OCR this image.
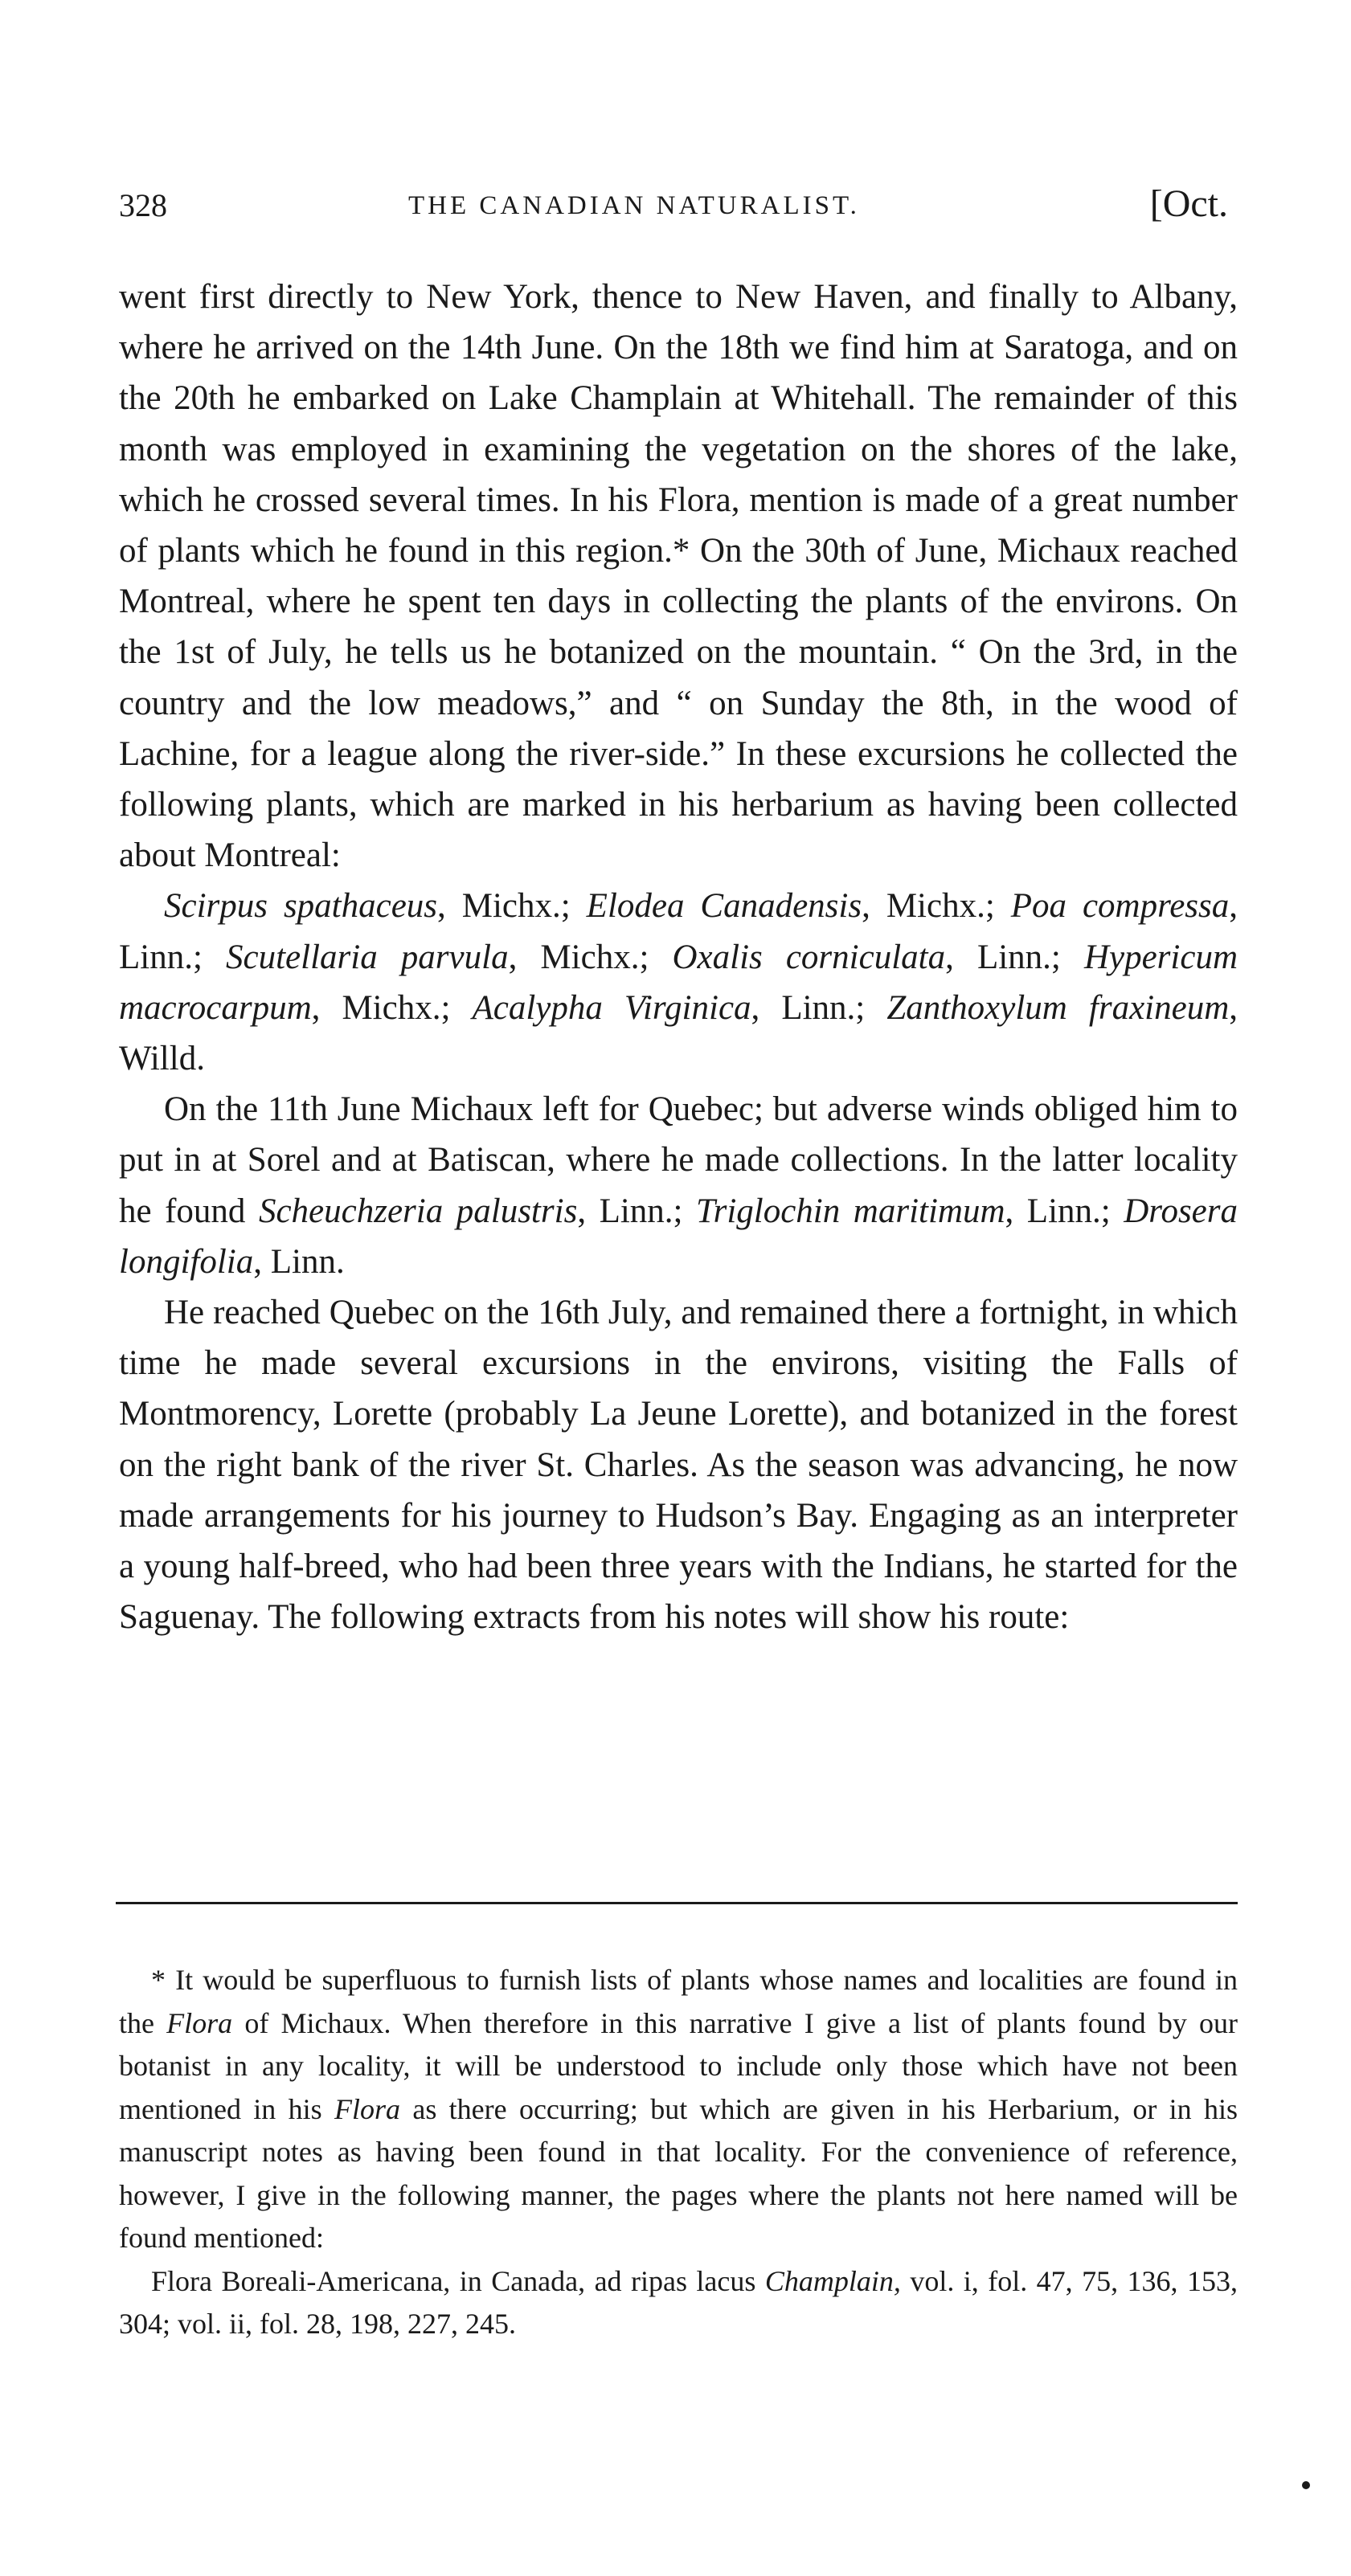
328	THE CANADIAN NATURALIST.	[Oct.

went first directly to New York, thence to New Haven, and finally to Albany, where he arrived on the 14th June. On the 18th we find him at Saratoga, and on the 20th he embarked on Lake Champlain at Whitehall. The remainder of this month was employed in examining the vegetation on the shores of the lake, which he crossed several times. In his Flora, mention is made of a great number of plants which he found in this region.* On the 30th of June, Michaux reached Montreal, where he spent ten days in collecting the plants of the environs. On the 1st of July, he tells us he botanized on the mountain. “ On the 3rd, in the country and the low meadows,” and “ on Sunday the 8th, in the wood of Lachine, for a league along the river-side.” In these excursions he collected the following plants, which are marked in his herbarium as having been collected about Montreal:

Scirpus spathaceus, Michx.; Elodea Canadensis, Michx.; Poa compressa, Linn.; Scutellaria parvula, Michx.; Oxalis corniculata, Linn.; Hypericum macrocarpum, Michx.; Acalypha Virginica, Linn.; Zanthoxylum fraxineum, Willd.

On the 11th June Michaux left for Quebec; but adverse winds obliged him to put in at Sorel and at Batiscan, where he made collections. In the latter locality he found Scheuchzeria palustris, Linn.; Triglochin maritimum, Linn.; Drosera longifolia, Linn.

He reached Quebec on the 16th July, and remained there a fortnight, in which time he made several excursions in the environs, visiting the Falls of Montmorency, Lorette (probably La Jeune Lorette), and botanized in the forest on the right bank of the river St. Charles. As the season was advancing, he now made arrangements for his journey to Hudson’s Bay. Engaging as an interpreter a young half-breed, who had been three years with the Indians, he started for the Saguenay. The following extracts from his notes will show his route:

* It would be superfluous to furnish lists of plants whose names and localities are found in the Flora of Michaux. When therefore in this narrative I give a list of plants found by our botanist in any locality, it will be understood to include only those which have not been mentioned in his Flora as there occurring; but which are given in his Herbarium, or in his manuscript notes as having been found in that locality. For the convenience of reference, however, I give in the following manner, the pages where the plants not here named will be found mentioned:

Flora Boreali-Americana, in Canada, ad ripas lacus Champlain, vol. i, fol. 47, 75, 136, 153, 304; vol. ii, fol. 28, 198, 227, 245.
